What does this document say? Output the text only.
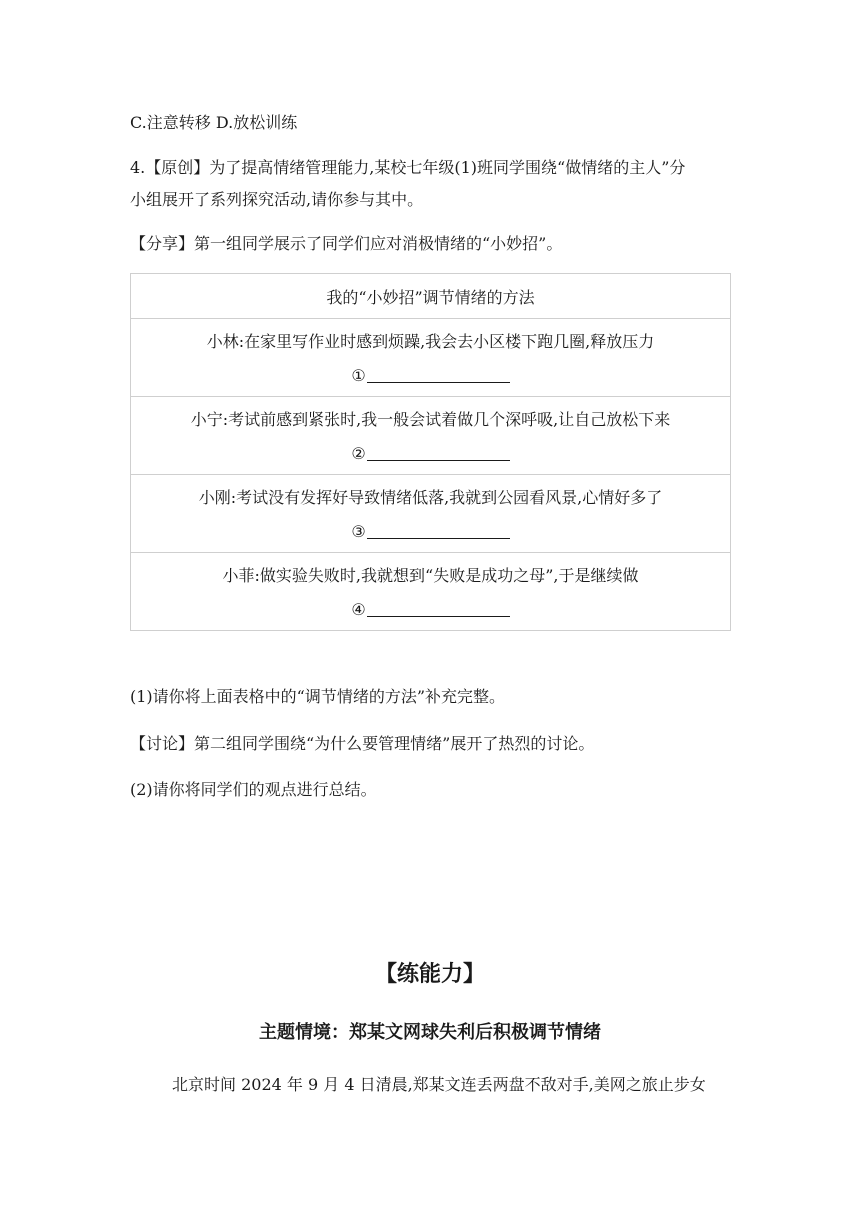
C.注意转移 D.放松训练
4.【原创】为了提高情绪管理能力,某校七年级(1)班同学围绕“做情绪的主人”分
小组展开了系列探究活动,请你参与其中。
【分享】第一组同学展示了同学们应对消极情绪的“小妙招”。
我的“小妙招”调节情绪的方法

小林:在家里写作业时感到烦躁,我会去小区楼下跑几圈,释放压力
①

小宁:考试前感到紧张时,我一般会试着做几个深呼吸,让自己放松下来
②

小刚:考试没有发挥好导致情绪低落,我就到公园看风景,心情好多了
③

小菲:做实验失败时,我就想到“失败是成功之母”,于是继续做
④
(1)请你将上面表格中的“调节情绪的方法”补充完整。
【讨论】第二组同学围绕“为什么要管理情绪”展开了热烈的讨论。
(2)请你将同学们的观点进行总结。
【练能力】
主题情境：郑某文网球失利后积极调节情绪
北京时间 2024 年 9 月 4 日清晨,郑某文连丢两盘不敌对手,美网之旅止步女
